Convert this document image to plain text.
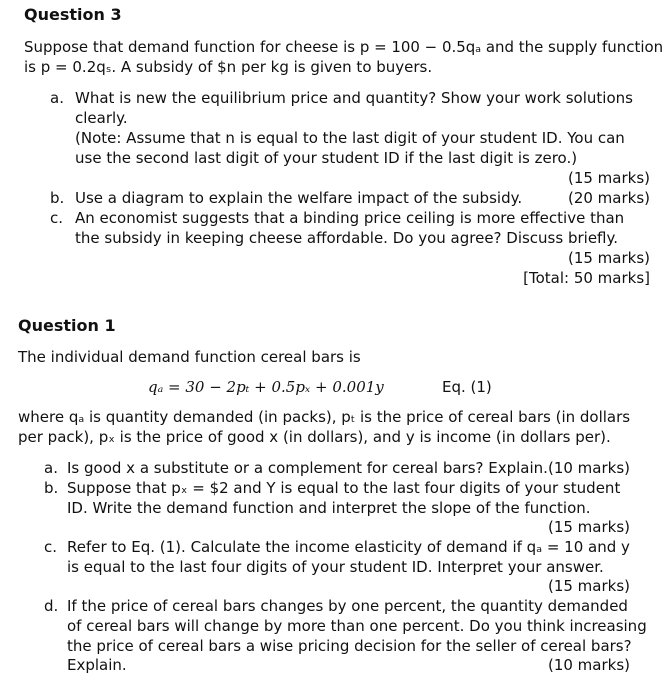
Question 3
Suppose that demand function for cheese is p = 100 − 0.5qₐ and the supply function
is p = 0.2qₛ. A subsidy of $n per kg is given to buyers.
a. What is new the equilibrium price and quantity? Show your work solutions
clearly.
(Note: Assume that n is equal to the last digit of your student ID. You can
use the second last digit of your student ID if the last digit is zero.)
(15 marks)
b. Use a diagram to explain the welfare impact of the subsidy.	(20 marks)
c. An economist suggests that a binding price ceiling is more effective than
the subsidy in keeping cheese affordable. Do you agree? Discuss briefly.
(15 marks)
[Total: 50 marks]
Question 1
The individual demand function cereal bars is
qₐ = 30 − 2pₜ + 0.5pₓ + 0.001y	Eq. (1)
where qₐ is quantity demanded (in packs), pₜ is the price of cereal bars (in dollars
per pack), pₓ is the price of good x (in dollars), and y is income (in dollars per).
a. Is good x a substitute or a complement for cereal bars? Explain. (10 marks)
b. Suppose that pₓ = $2 and Y is equal to the last four digits of your student
ID. Write the demand function and interpret the slope of the function.
(15 marks)
c. Refer to Eq. (1). Calculate the income elasticity of demand if qₐ = 10 and y
is equal to the last four digits of your student ID. Interpret your answer.
(15 marks)
d. If the price of cereal bars changes by one percent, the quantity demanded
of cereal bars will change by more than one percent. Do you think increasing
the price of cereal bars a wise pricing decision for the seller of cereal bars?
Explain.	(10 marks)
